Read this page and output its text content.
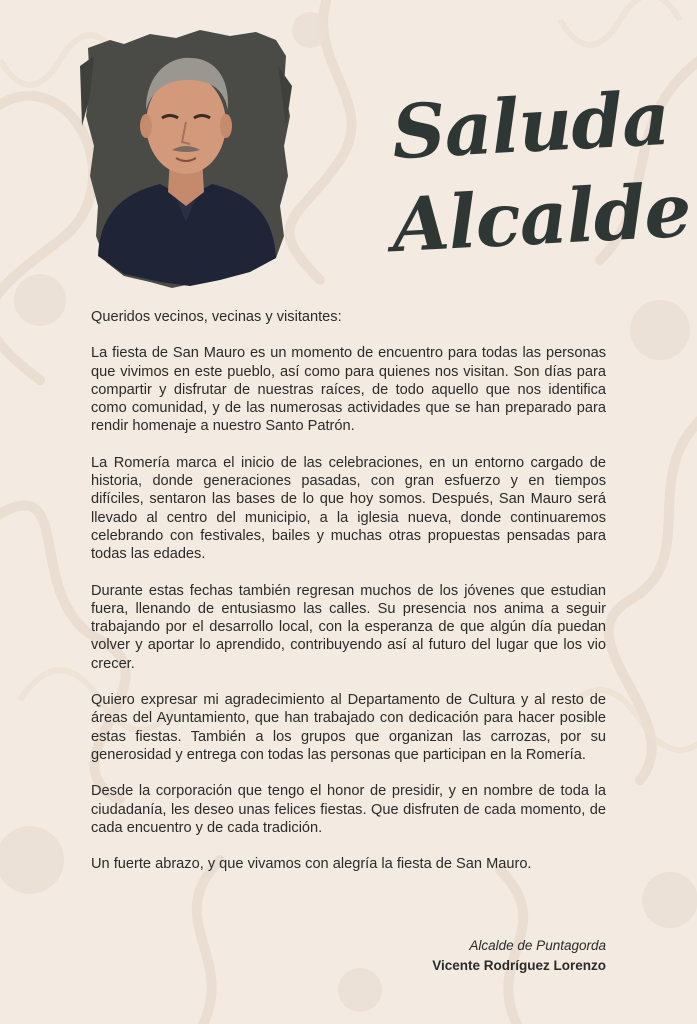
Saluda
Alcalde

Queridos vecinos, vecinas y visitantes:

La fiesta de San Mauro es un momento de encuentro para todas las personas que vivimos en este pueblo, así como para quienes nos visitan. Son días para compartir y disfrutar de nuestras raíces, de todo aquello que nos identifica como comunidad, y de las numerosas actividades que se han preparado para rendir homenaje a nuestro Santo Patrón.

La Romería marca el inicio de las celebraciones, en un entorno cargado de historia, donde generaciones pasadas, con gran esfuerzo y en tiempos difíciles, sentaron las bases de lo que hoy somos. Después, San Mauro será llevado al centro del municipio, a la iglesia nueva, donde continuaremos celebrando con festivales, bailes y muchas otras propuestas pensadas para todas las edades.

Durante estas fechas también regresan muchos de los jóvenes que estudian fuera, llenando de entusiasmo las calles. Su presencia nos anima a seguir trabajando por el desarrollo local, con la esperanza de que algún día puedan volver y aportar lo aprendido, contribuyendo así al futuro del lugar que los vio crecer.

Quiero expresar mi agradecimiento al Departamento de Cultura y al resto de áreas del Ayuntamiento, que han trabajado con dedicación para hacer posible estas fiestas. También a los grupos que organizan las carrozas, por su generosidad y entrega con todas las personas que participan en la Romería.

Desde la corporación que tengo el honor de presidir, y en nombre de toda la ciudadanía, les deseo unas felices fiestas. Que disfruten de cada momento, de cada encuentro y de cada tradición.

Un fuerte abrazo, y que vivamos con alegría la fiesta de San Mauro.

Alcalde de Puntagorda
Vicente Rodríguez Lorenzo
